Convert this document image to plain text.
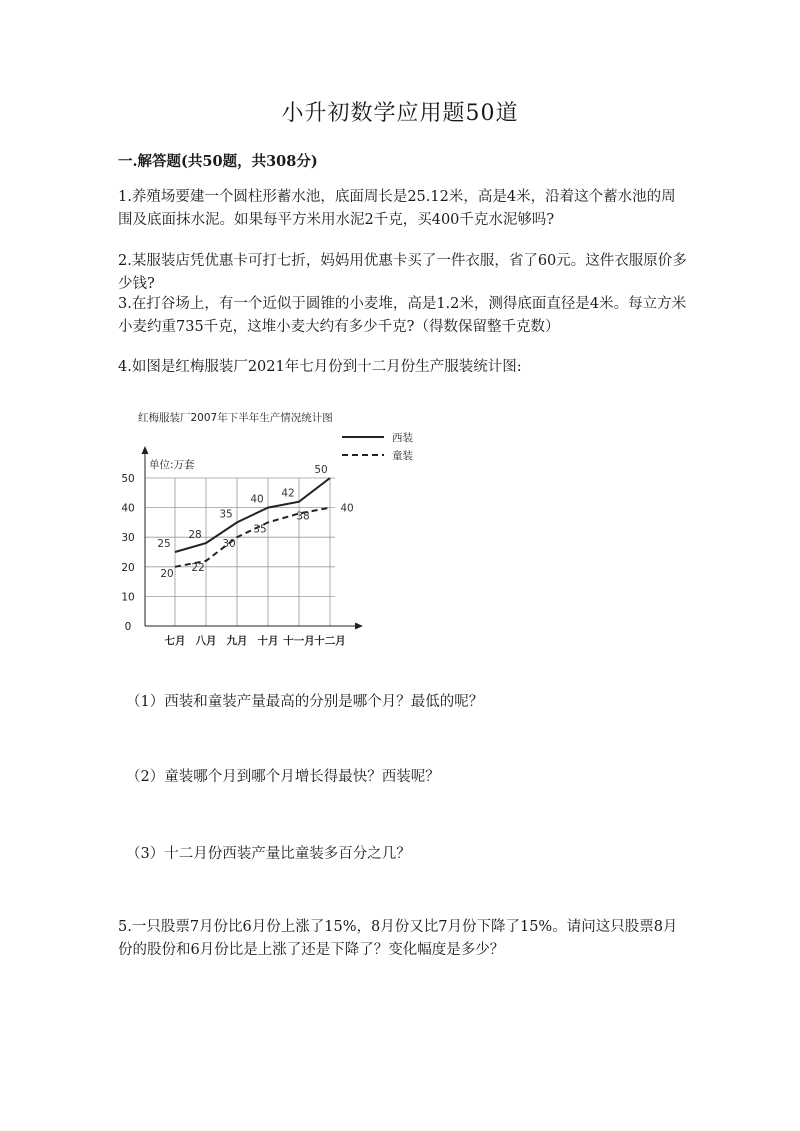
小升初数学应用题50道
一.解答题(共50题，共308分)
1.养殖场要建一个圆柱形蓄水池，底面周长是25.12米，高是4米，沿着这个蓄水池的周围及底面抹水泥。如果每平方米用水泥2千克，买400千克水泥够吗?
2.某服装店凭优惠卡可打七折，妈妈用优惠卡买了一件衣服，省了60元。这件衣服原价多少钱?
3.在打谷场上，有一个近似于圆锥的小麦堆，高是1.2米，测得底面直径是4米。每立方米小麦约重735千克，这堆小麦大约有多少千克?（得数保留整千克数）
4.如图是红梅服装厂2021年七月份到十二月份生产服装统计图:
红梅服装厂2007年下半年生产情况统计图
单位:万套
0
10
20
30
40
50
七月 八月 九月 十月 十一月 十二月
25
28
35
40 42
50
20 22
30
35
38
40
西装
童装
（1）西装和童装产量最高的分别是哪个月？最低的呢？
（2）童装哪个月到哪个月增长得最快？西装呢？
（3）十二月份西装产量比童装多百分之几？
5.一只股票7月份比6月份上涨了15%，8月份又比7月份下降了15%。请问这只股票8月份的股份和6月份比是上涨了还是下降了？变化幅度是多少？
